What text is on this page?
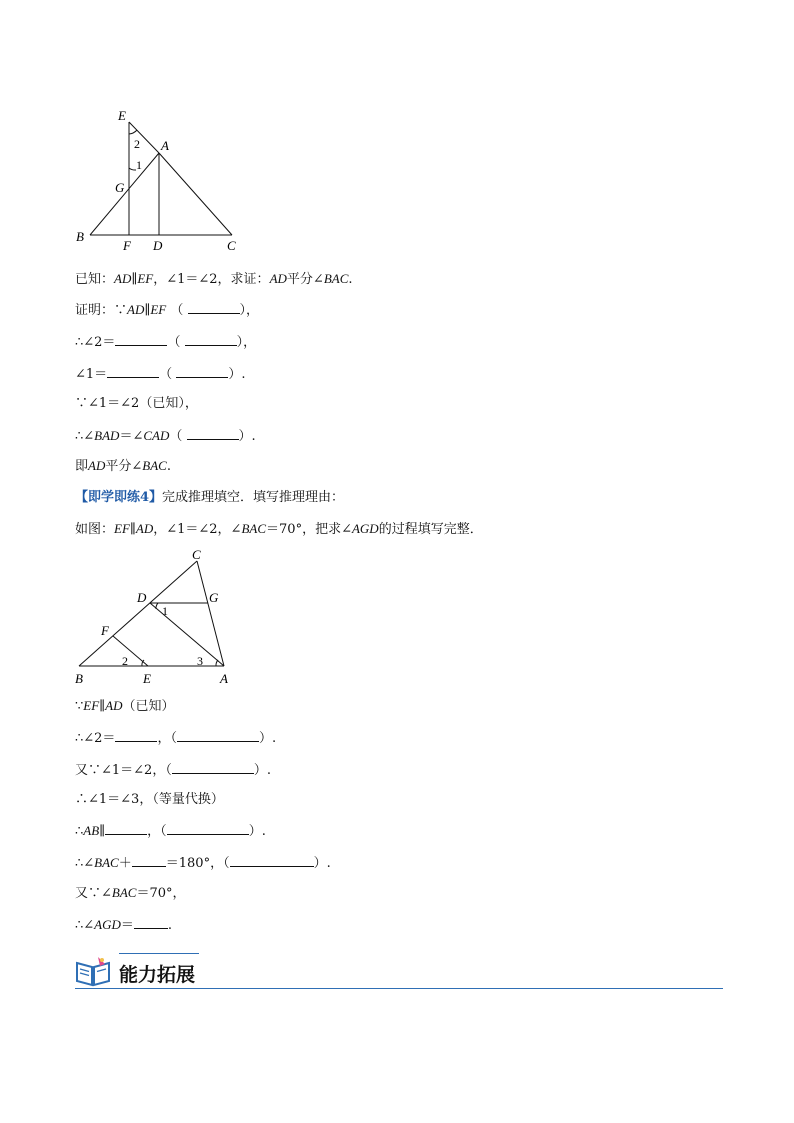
E
A
G
B
F D	C
2
1
已知：AD∥EF，∠1＝∠2，求证：AD平分∠BAC.
证明：∵AD∥EF （	），
∴∠2＝	（	），
∠1＝	（	）.
∵∠1＝∠2（已知），
∴∠BAD＝∠CAD（	）.
即AD平分∠BAC.
【即学即练4】完成推理填空．填写推理理由：
如图：EF∥AD，∠1＝∠2，∠BAC＝70°，把求∠AGD的过程填写完整．
C
D	G
F
B	E	A
1
2	3
∵EF∥AD（已知）
∴∠2＝	，（	）.
又∵∠1＝∠2，（	）.
∴∠1＝∠3，（等量代换）
∴AB∥	，（	）.
∴∠BAC＋	＝180°，（	）.
又∵∠BAC＝70°，
∴∠AGD＝	.
能力拓展
